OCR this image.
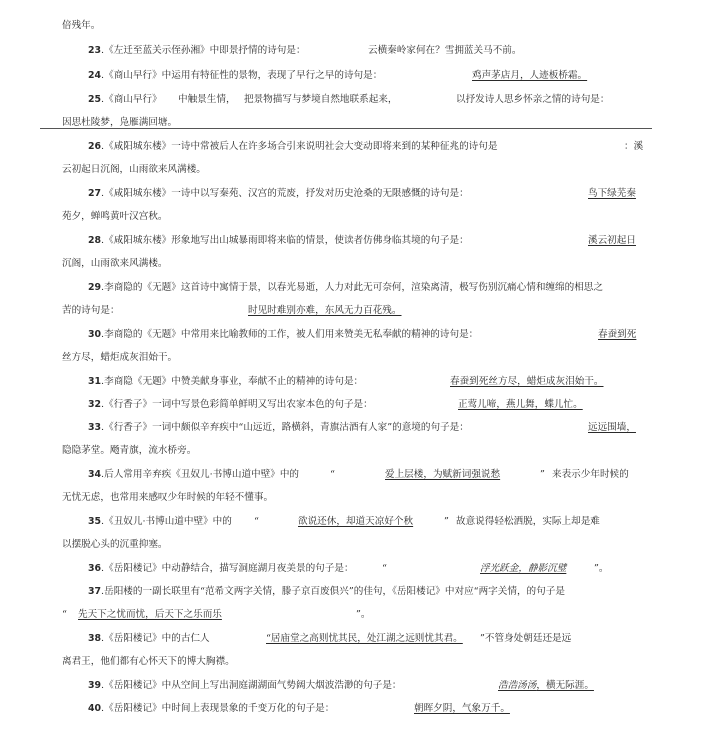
倍残年。
23.《左迁至蓝关示侄孙湘》中即景抒情的诗句是：	云横秦岭家何在？雪拥蓝关马不前。
24.《商山早行》中运用有特征性的景物，表现了早行之早的诗句是：	鸡声茅店月，人迹板桥霜。
25.《商山早行》 中触景生情， 把景物描写与梦境自然地联系起来，	以抒发诗人思乡怀亲之情的诗句是：
因思杜陵梦，凫雁满回塘。
26.《咸阳城东楼》一诗中常被后人在许多场合引来说明社会大变动即将来到的某种征兆的诗句是	：溪
云初起日沉阁，山雨欲来风满楼。
27.《咸阳城东楼》一诗中以写秦苑、汉宫的荒废，抒发对历史沧桑的无限感慨的诗句是：	鸟下绿芜秦
苑夕，蝉鸣黄叶汉宫秋。
28.《咸阳城东楼》形象地写出山城暴雨即将来临的情景，使读者仿佛身临其境的句子是：	溪云初起日
沉阁，山雨欲来风满楼。
29.李商隐的《无题》这首诗中寓情于景，以春光易逝，人力对此无可奈何，渲染离清，极写伤别沉痛心情和缠绵的相思之
苦的诗句是：	时见时难别亦难，东风无力百花残。
30.李商隐的《无题》中常用来比喻教师的工作，被人们用来赞美无私奉献的精神的诗句是：	春蚕到死
丝方尽，蜡炬成灰泪始干。
31.李商隐《无题》中赞美献身事业，奉献不止的精神的诗句是：	春蚕到死丝方尽，蜡炬成灰泪始干。
32.《行香子》一词中写景色彩简单鲜明又写出农家本色的句子是：	正莺儿啼，燕儿舞，蝶儿忙。
33.《行香子》一词中颇似辛弃疾中“山远近，路横斜，青旗沽酒有人家”的意境的句子是：	远远围墙，
隐隐茅堂。飏青旗，流水桥旁。
34.后人常用辛弃疾《丑奴儿·书博山道中壁》中的	“	爱上层楼，为赋新词强说愁	” 来表示少年时候的
无忧无虑，也常用来感叹少年时候的年轻不懂事。
35.《丑奴儿·书博山道中壁》中的 “	欲说还休，却道天凉好个秋	” 故意说得轻松洒脱，实际上却是难
以摆脱心头的沉重抑塞。
36.《岳阳楼记》中动静结合，描写洞庭湖月夜美景的句子是：	“	浮光跃金，静影沉璧	”。
37.岳阳楼的一副长联里有“范希文两字关情，滕子京百废俱兴”的佳句，《岳阳楼记》中对应“两字关情，的句子是
“ 先天下之忧而忧，后天下之乐而乐	”。
38.《岳阳楼记》中的古仁人	“居庙堂之高则忧其民，处江湖之远则忧其君。 ”不管身处朝廷还是远
离君王，他们都有心怀天下的博大胸襟。
39.《岳阳楼记》中从空间上写出洞庭湖湖面气势阔大烟波浩渺的句子是：	浩浩汤汤，横无际涯。
40.《岳阳楼记》中时间上表现景象的千变万化的句子是：	朝晖夕阴，气象万千。
